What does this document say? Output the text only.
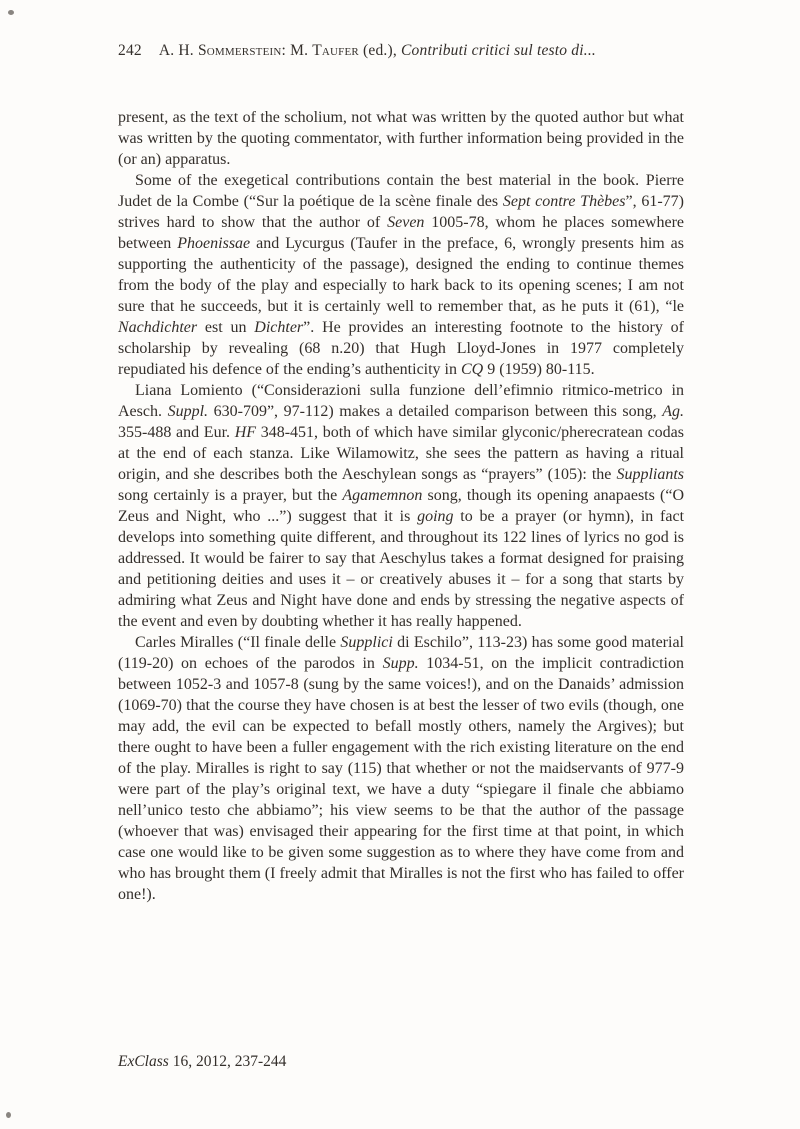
242 A. H. Sommerstein: M. Taufer (ed.), Contributi critici sul testo di...

present, as the text of the scholium, not what was written by the quoted author but what was written by the quoting commentator, with further information being provided in the (or an) apparatus.

Some of the exegetical contributions contain the best material in the book. Pierre Judet de la Combe (“Sur la poétique de la scène finale des Sept contre Thèbes”, 61-77) strives hard to show that the author of Seven 1005-78, whom he places somewhere between Phoenissae and Lycurgus (Taufer in the preface, 6, wrongly presents him as supporting the authenticity of the passage), designed the ending to continue themes from the body of the play and especially to hark back to its opening scenes; I am not sure that he succeeds, but it is certainly well to remember that, as he puts it (61), “le Nachdichter est un Dichter”. He provides an interesting footnote to the history of scholarship by revealing (68 n.20) that Hugh Lloyd-Jones in 1977 completely repudiated his defence of the ending’s authenticity in CQ 9 (1959) 80-115.

Liana Lomiento (“Considerazioni sulla funzione dell’efimnio ritmico-metrico in Aesch. Suppl. 630-709”, 97-112) makes a detailed comparison between this song, Ag. 355-488 and Eur. HF 348-451, both of which have similar glyconic/pherecratean codas at the end of each stanza. Like Wilamowitz, she sees the pattern as having a ritual origin, and she describes both the Aeschylean songs as “prayers” (105): the Suppliants song certainly is a prayer, but the Agamemnon song, though its opening anapaests (“O Zeus and Night, who ...”) suggest that it is going to be a prayer (or hymn), in fact develops into something quite different, and throughout its 122 lines of lyrics no god is addressed. It would be fairer to say that Aeschylus takes a format designed for praising and petitioning deities and uses it – or creatively abuses it – for a song that starts by admiring what Zeus and Night have done and ends by stressing the negative aspects of the event and even by doubting whether it has really happened.

Carles Miralles (“Il finale delle Supplici di Eschilo”, 113-23) has some good material (119-20) on echoes of the parodos in Supp. 1034-51, on the implicit contradiction between 1052-3 and 1057-8 (sung by the same voices!), and on the Danaids’ admission (1069-70) that the course they have chosen is at best the lesser of two evils (though, one may add, the evil can be expected to befall mostly others, namely the Argives); but there ought to have been a fuller engagement with the rich existing literature on the end of the play. Miralles is right to say (115) that whether or not the maidservants of 977-9 were part of the play’s original text, we have a duty “spiegare il finale che abbiamo nell’unico testo che abbiamo”; his view seems to be that the author of the passage (whoever that was) envisaged their appearing for the first time at that point, in which case one would like to be given some suggestion as to where they have come from and who has brought them (I freely admit that Miralles is not the first who has failed to offer one!).

ExClass 16, 2012, 237-244
